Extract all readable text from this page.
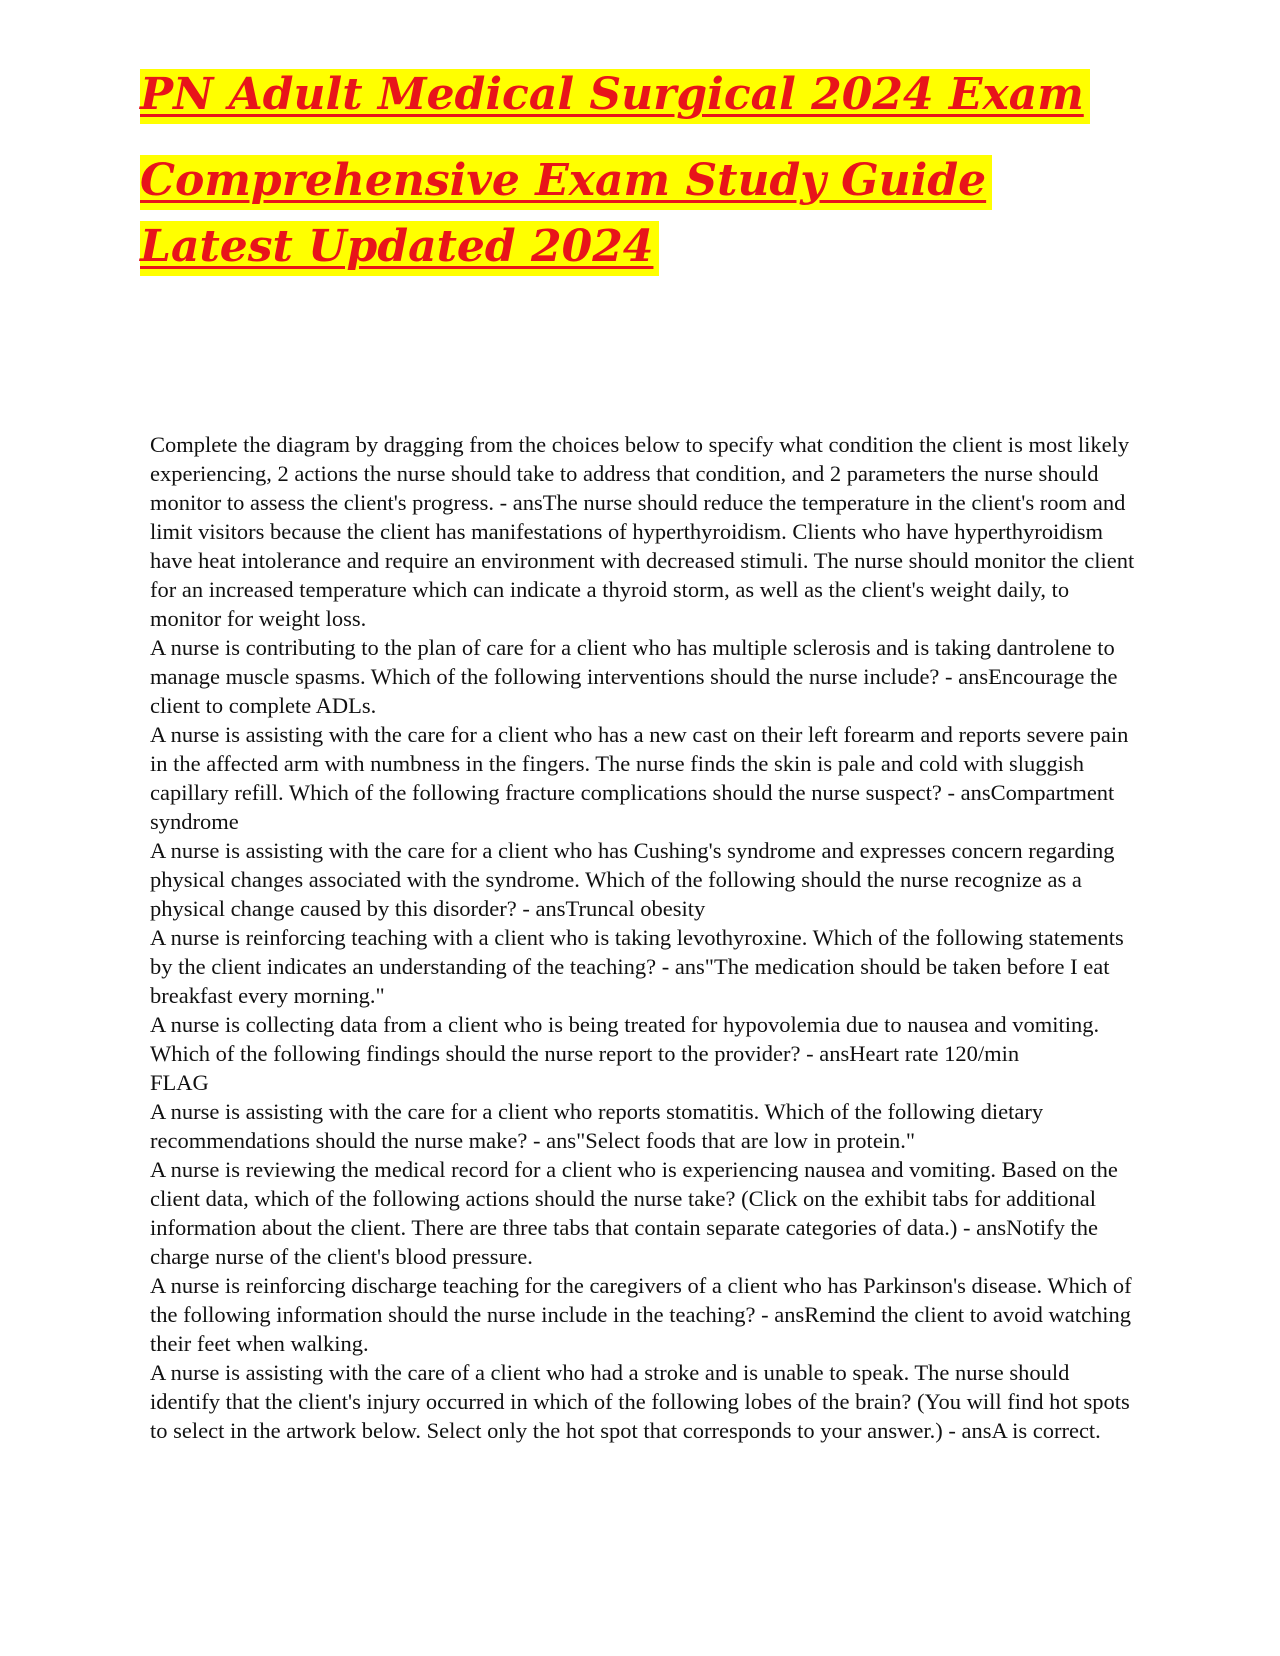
PN Adult Medical Surgical 2024 Exam
Comprehensive Exam Study Guide Latest Updated 2024

Complete the diagram by dragging from the choices below to specify what condition the client is most likely experiencing, 2 actions the nurse should take to address that condition, and 2 parameters the nurse should monitor to assess the client's progress. - ansThe nurse should reduce the temperature in the client's room and limit visitors because the client has manifestations of hyperthyroidism. Clients who have hyperthyroidism have heat intolerance and require an environment with decreased stimuli. The nurse should monitor the client for an increased temperature which can indicate a thyroid storm, as well as the client's weight daily, to monitor for weight loss.

A nurse is contributing to the plan of care for a client who has multiple sclerosis and is taking dantrolene to manage muscle spasms. Which of the following interventions should the nurse include? - ansEncourage the client to complete ADLs.

A nurse is assisting with the care for a client who has a new cast on their left forearm and reports severe pain in the affected arm with numbness in the fingers. The nurse finds the skin is pale and cold with sluggish capillary refill. Which of the following fracture complications should the nurse suspect? - ansCompartment syndrome

A nurse is assisting with the care for a client who has Cushing's syndrome and expresses concern regarding physical changes associated with the syndrome. Which of the following should the nurse recognize as a physical change caused by this disorder? - ansTruncal obesity

A nurse is reinforcing teaching with a client who is taking levothyroxine. Which of the following statements by the client indicates an understanding of the teaching? - ans"The medication should be taken before I eat breakfast every morning."

A nurse is collecting data from a client who is being treated for hypovolemia due to nausea and vomiting. Which of the following findings should the nurse report to the provider? - ansHeart rate 120/min

FLAG

A nurse is assisting with the care for a client who reports stomatitis. Which of the following dietary recommendations should the nurse make? - ans"Select foods that are low in protein."

A nurse is reviewing the medical record for a client who is experiencing nausea and vomiting. Based on the client data, which of the following actions should the nurse take? (Click on the exhibit tabs for additional information about the client. There are three tabs that contain separate categories of data.) - ansNotify the charge nurse of the client's blood pressure.

A nurse is reinforcing discharge teaching for the caregivers of a client who has Parkinson's disease. Which of the following information should the nurse include in the teaching? - ansRemind the client to avoid watching their feet when walking.

A nurse is assisting with the care of a client who had a stroke and is unable to speak. The nurse should identify that the client's injury occurred in which of the following lobes of the brain? (You will find hot spots to select in the artwork below. Select only the hot spot that corresponds to your answer.) - ansA is correct.
